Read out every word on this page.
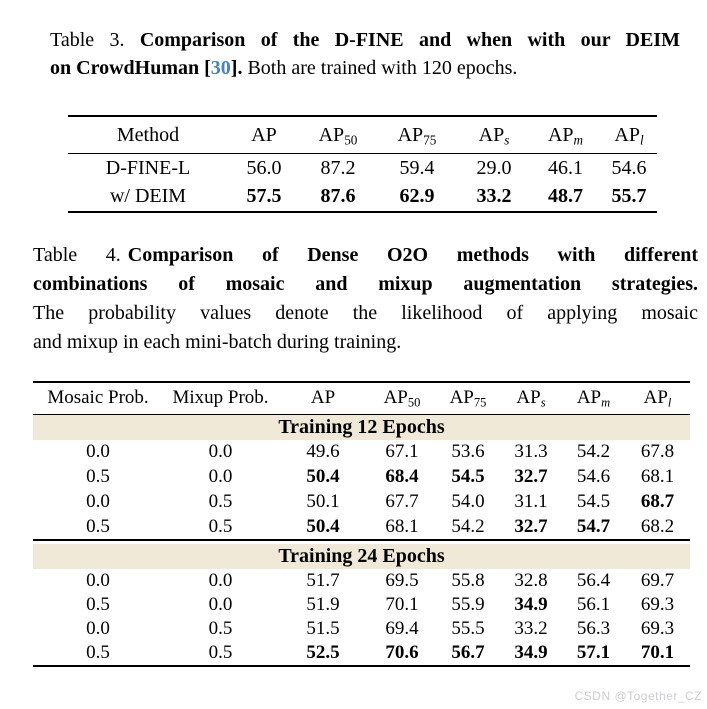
Table 3. Comparison of the D-FINE and when with our DEIM
on CrowdHuman [30]. Both are trained with 120 epochs.
Method	AP	$AP_{50}$	$AP_{75}$	$AP_s$	$AP_m$	$AP_l$
D-FINE-L	56.0	87.2	59.4	29.0	46.1	54.6
w/ DEIM	57.5	87.6	62.9	33.2	48.7	55.7
Table 4. Comparison of Dense O2O methods with different
combinations of mosaic and mixup augmentation strategies.
The probability values denote the likelihood of applying mosaic
and mixup in each mini-batch during training.
Mosaic Prob.	Mixup Prob.	AP	$AP_{50}$	$AP_{75}$	$AP_s$	$AP_m$	$AP_l$
Training 12 Epochs							
0.0	0.0	49.6	67.1	53.6	31.3	54.2	67.8
0.5	0.0	50.4	68.4	54.5	32.7	54.6	68.1
0.0	0.5	50.1	67.7	54.0	31.1	54.5	68.7
0.5	0.5	50.4	68.1	54.2	32.7	54.7	68.2

Training 24 Epochs							
0.0	0.0	51.7	69.5	55.8	32.8	56.4	69.7
0.5	0.0	51.9	70.1	55.9	34.9	56.1	69.3
0.0	0.5	51.5	69.4	55.5	33.2	56.3	69.3
0.5	0.5	52.5	70.6	56.7	34.9	57.1	70.1
CSDN @Together_CZ
